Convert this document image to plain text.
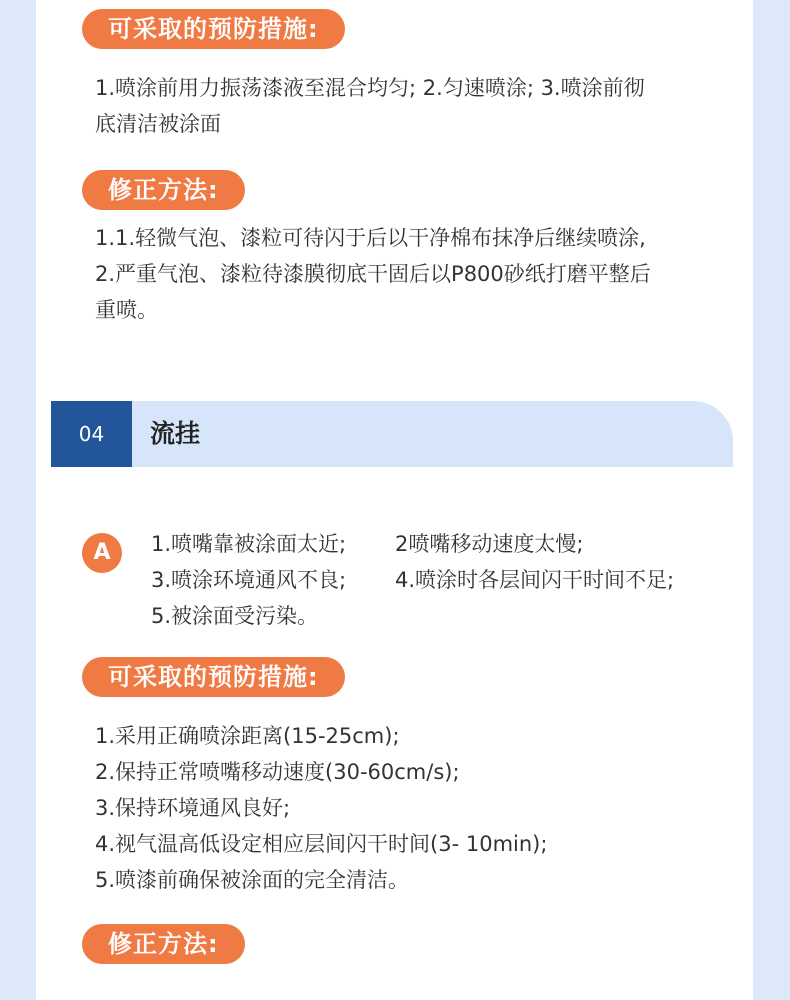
可采取的预防措施:
1.喷涂前用力振荡漆液至混合均匀; 2.匀速喷涂; 3.喷涂前彻
底清洁被涂面
修正方法:
1.1.轻微气泡、漆粒可待闪于后以干净棉布抹净后继续喷涂,
2.严重气泡、漆粒待漆膜彻底干固后以P800砂纸打磨平整后
重喷。
04	流挂
A	1.喷嘴靠被涂面太近; 2喷嘴移动速度太慢;
3.喷涂环境通风不良; 4.喷涂时各层间闪干时间不足;
5.被涂面受污染。
可采取的预防措施:
1.采用正确喷涂距离(15-25cm);
2.保持正常喷嘴移动速度(30-60cm/s);
3.保持环境通风良好;
4.视气温高低设定相应层间闪干时间(3- 10min);
5.喷漆前确保被涂面的完全清洁。
修正方法:
